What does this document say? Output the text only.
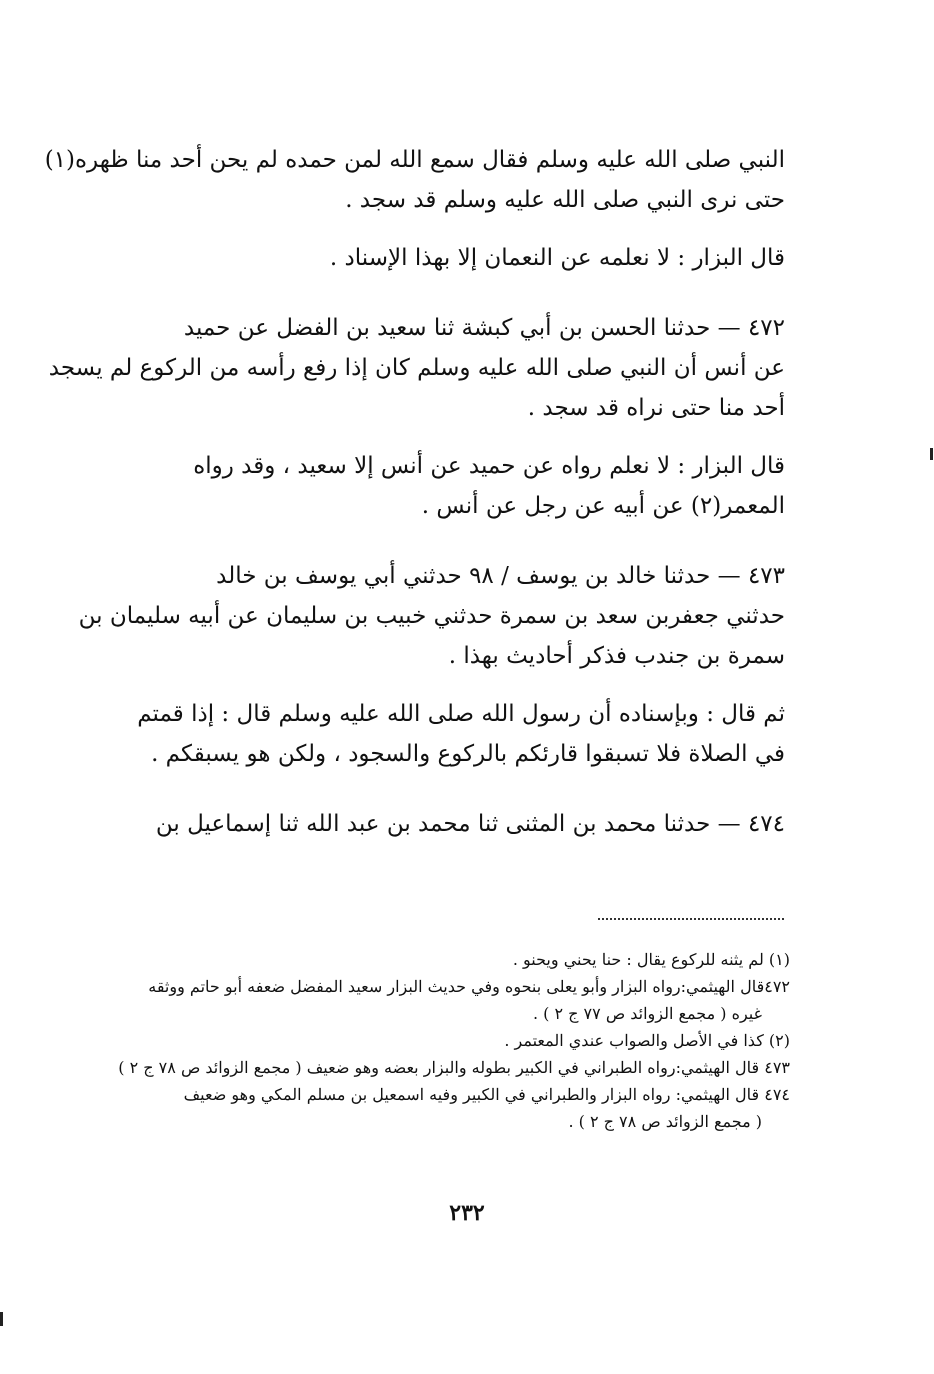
النبي صلى الله عليه وسلم فقال سمع الله لمن حمده لم يحن أحد منا ظهره(١)
حتى نرى النبي صلى الله عليه وسلم قد سجد .
قال البزار : لا نعلمه عن النعمان إلا بهذا الإسناد .
٤٧٢ — حدثنا الحسن بن أبي كبشة ثنا سعيد بن الفضل عن حميد
عن أنس أن النبي صلى الله عليه وسلم كان إذا رفع رأسه من الركوع لم يسجد
أحد منا حتى نراه قد سجد .
قال البزار : لا نعلم رواه عن حميد عن أنس إلا سعيد ، وقد رواه
المعمر(٢) عن أبيه عن رجل عن أنس .
٤٧٣ — حدثنا خالد بن يوسف / ٩٨ حدثني أبي يوسف بن خالد
حدثني جعفربن سعد بن سمرة حدثني خبيب بن سليمان عن أبيه سليمان بن
سمرة بن جندب فذكر أحاديث بهذا .
ثم قال : وبإسناده أن رسول الله صلى الله عليه وسلم قال : إذا قمتم
في الصلاة فلا تسبقوا قارئكم بالركوع والسجود ، ولكن هو يسبقكم .
٤٧٤ — حدثنا محمد بن المثنى ثنا محمد بن عبد الله ثنا إسماعيل بن
(١) لم يثنه للركوع يقال : حنا يحني ويحنو .
٤٧٢قال الهيثمي:رواه البزار وأبو يعلى بنحوه وفي حديث البزار سعيد المفضل ضعفه أبو حاتم ووثقه
غيره ( مجمع الزوائد ص ٧٧ ج ٢ ) .
(٢) كذا في الأصل والصواب عندي المعتمر .
٤٧٣ قال الهيثمي:رواه الطبراني في الكبير بطوله والبزار بعضه وهو ضعيف ( مجمع الزوائد ص ٧٨ ج ٢ )
٤٧٤ قال الهيثمي: رواه البزار والطبراني في الكبير وفيه اسمعيل بن مسلم المكي وهو ضعيف
( مجمع الزوائد ص ٧٨ ج ٢ ) .
٢٣٢
